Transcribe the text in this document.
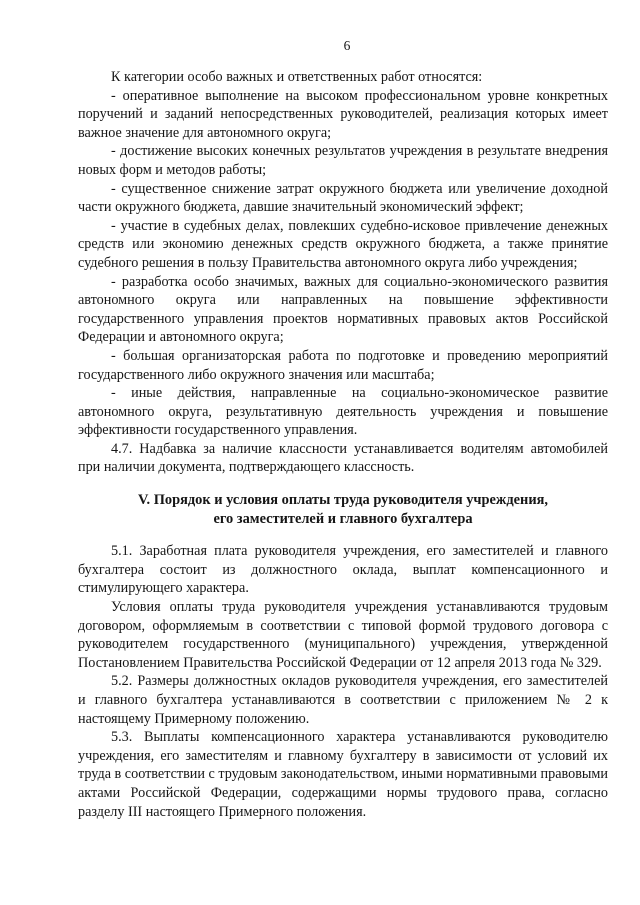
6

К категории особо важных и ответственных работ относятся:

- оперативное выполнение на высоком профессиональном уровне конкретных поручений и заданий непосредственных руководителей, реализация которых имеет важное значение для автономного округа;

- достижение высоких конечных результатов учреждения в результате внедрения новых форм и методов работы;

- существенное снижение затрат окружного бюджета или увеличение доходной части окружного бюджета, давшие значительный экономический эффект;

- участие в судебных делах, повлекших судебно-исковое привлечение денежных средств или экономию денежных средств окружного бюджета, а также принятие судебного решения в пользу Правительства автономного округа либо учреждения;

- разработка особо значимых, важных для социально-экономического развития автономного округа или направленных на повышение эффективности государственного управления проектов нормативных правовых актов Российской Федерации и автономного округа;

- большая организаторская работа по подготовке и проведению мероприятий государственного либо окружного значения или масштаба;

- иные действия, направленные на социально-экономическое развитие автономного округа, результативную деятельность учреждения и повышение эффективности государственного управления.

4.7. Надбавка за наличие классности устанавливается водителям автомобилей при наличии документа, подтверждающего классность.

V. Порядок и условия оплаты труда руководителя учреждения,
его заместителей и главного бухгалтера

5.1. Заработная плата руководителя учреждения, его заместителей и главного бухгалтера состоит из должностного оклада, выплат компенсационного и стимулирующего характера.

Условия оплаты труда руководителя учреждения устанавливаются трудовым договором, оформляемым в соответствии с типовой формой трудового договора с руководителем государственного (муниципального) учреждения, утвержденной Постановлением Правительства Российской Федерации от 12 апреля 2013 года № 329.

5.2. Размеры должностных окладов руководителя учреждения, его заместителей и главного бухгалтера устанавливаются в соответствии с приложением № 2 к настоящему Примерному положению.

5.3. Выплаты компенсационного характера устанавливаются руководителю учреждения, его заместителям и главному бухгалтеру в зависимости от условий их труда в соответствии с трудовым законодательством, иными нормативными правовыми актами Российской Федерации, содержащими нормы трудового права, согласно разделу III настоящего Примерного положения.
